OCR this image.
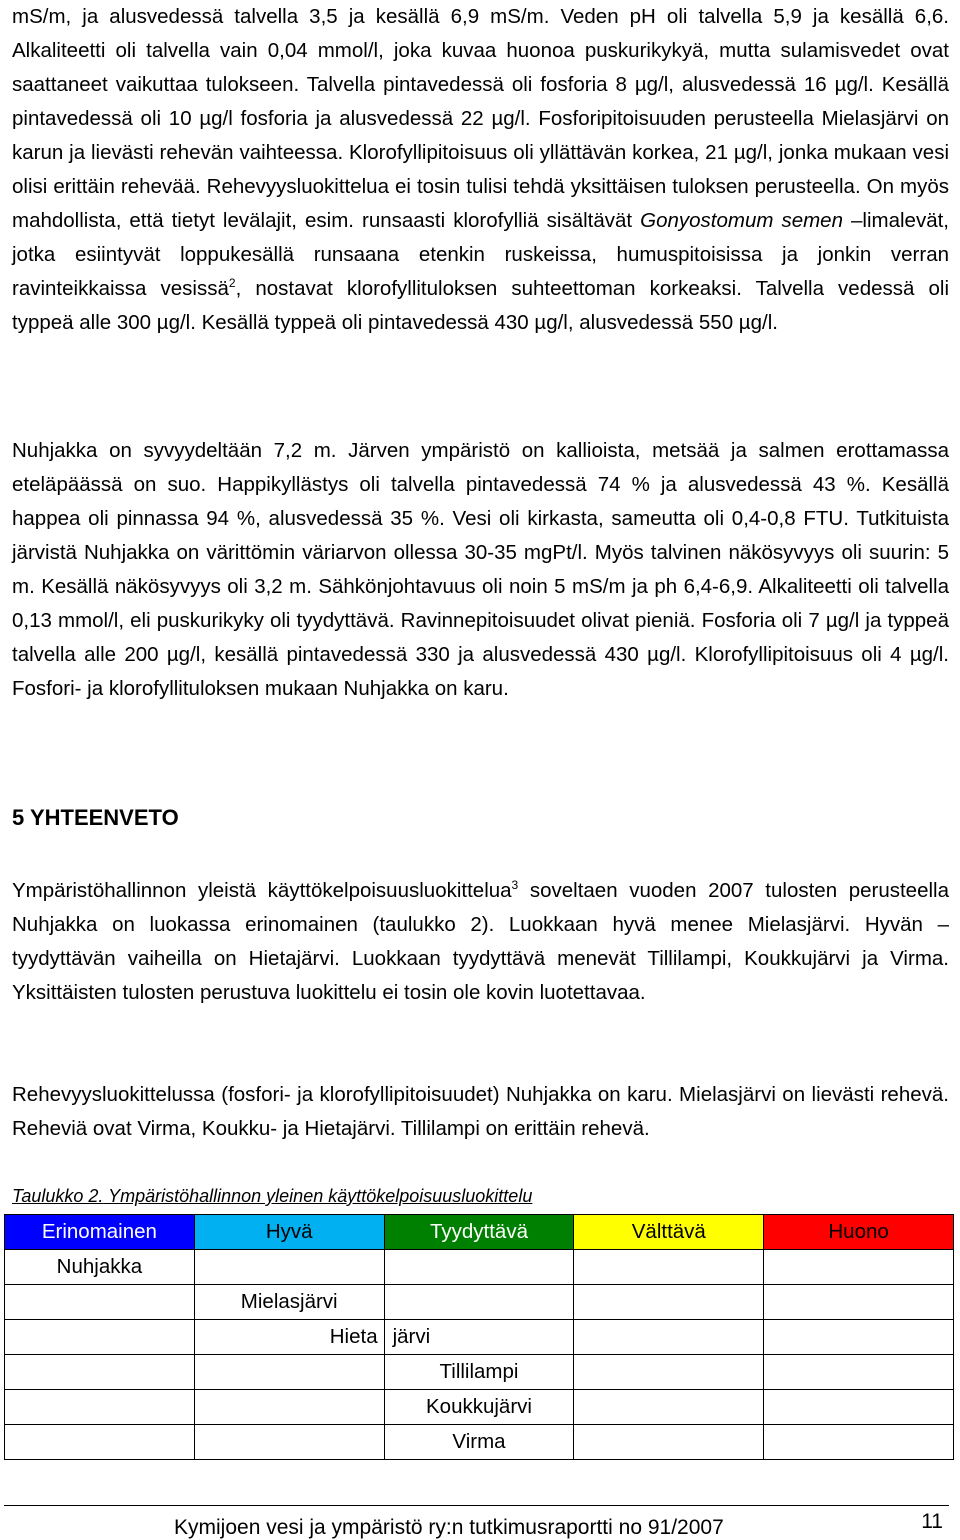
mS/m, ja alusvedessä talvella 3,5 ja kesällä 6,9 mS/m. Veden pH oli talvella 5,9 ja kesällä 6,6. Alkaliteetti oli talvella vain 0,04 mmol/l, joka kuvaa huonoa puskurikykyä, mutta sulamisvedet ovat saattaneet vaikuttaa tulokseen. Talvella pintavedessä oli fosforia 8 µg/l, alusvedessä 16 µg/l. Kesällä pintavedessä oli 10 µg/l fosforia ja alusvedessä 22 µg/l. Fosforipitoisuuden perusteella Mielasjärvi on karun ja lievästi rehevän vaihteessa. Klorofyllipitoisuus oli yllättävän korkea, 21 µg/l, jonka mukaan vesi olisi erittäin rehevää. Rehevyysluokittelua ei tosin tulisi tehdä yksittäisen tuloksen perusteella. On myös mahdollista, että tietyt levälajit, esim. runsaasti klorofylliä sisältävät Gonyostomum semen –limalevät, jotka esiintyvät loppukesällä runsaana etenkin ruskeissa, humuspitoisissa ja jonkin verran ravinteikkaissa vesissä$^2$, nostavat klorofyllituloksen suhteettoman korkeaksi. Talvella vedessä oli typpeä alle 300 µg/l. Kesällä typpeä oli pintavedessä 430 µg/l, alusvedessä 550 µg/l.

Nuhjakka on syvyydeltään 7,2 m. Järven ympäristö on kallioista, metsää ja salmen erottamassa eteläpäässä on suo. Happikyllästys oli talvella pintavedessä 74 % ja alusvedessä 43 %. Kesällä happea oli pinnassa 94 %, alusvedessä 35 %. Vesi oli kirkasta, sameutta oli 0,4-0,8 FTU. Tutkituista järvistä Nuhjakka on värittömin väriarvon ollessa 30-35 mgPt/l. Myös talvinen näkösyvyys oli suurin: 5 m. Kesällä näkösyvyys oli 3,2 m. Sähkönjohtavuus oli noin 5 mS/m ja ph 6,4-6,9. Alkaliteetti oli talvella 0,13 mmol/l, eli puskurikyky oli tyydyttävä. Ravinnepitoisuudet olivat pieniä. Fosforia oli 7 µg/l ja typpeä talvella alle 200 µg/l, kesällä pintavedessä 330 ja alusvedessä 430 µg/l. Klorofyllipitoisuus oli 4 µg/l. Fosfori- ja klorofyllituloksen mukaan Nuhjakka on karu.

5 YHTEENVETO

Ympäristöhallinnon yleistä käyttökelpoisuusluokittelua$^3$ soveltaen vuoden 2007 tulosten perusteella Nuhjakka on luokassa erinomainen (taulukko 2). Luokkaan hyvä menee Mielasjärvi. Hyvän – tyydyttävän vaiheilla on Hietajärvi. Luokkaan tyydyttävä menevät Tillilampi, Koukkujärvi ja Virma. Yksittäisten tulosten perustuva luokittelu ei tosin ole kovin luotettavaa.

Rehevyysluokittelussa (fosfori- ja klorofyllipitoisuudet) Nuhjakka on karu. Mielasjärvi on lievästi rehevä. Reheviä ovat Virma, Koukku- ja Hietajärvi. Tillilampi on erittäin rehevä.

Taulukko 2. Ympäristöhallinnon yleinen käyttökelpoisuusluokittelu

Erinomainen	Hyvä	Tyydyttävä	Välttävä	Huono
Nuhjakka				
	Mielasjärvi			
	Hieta	järvi		
		Tillilampi		
		Koukkujärvi		
		Virma		

Kymijoen vesi ja ympäristö ry:n tutkimusraportti no 91/2007	11
